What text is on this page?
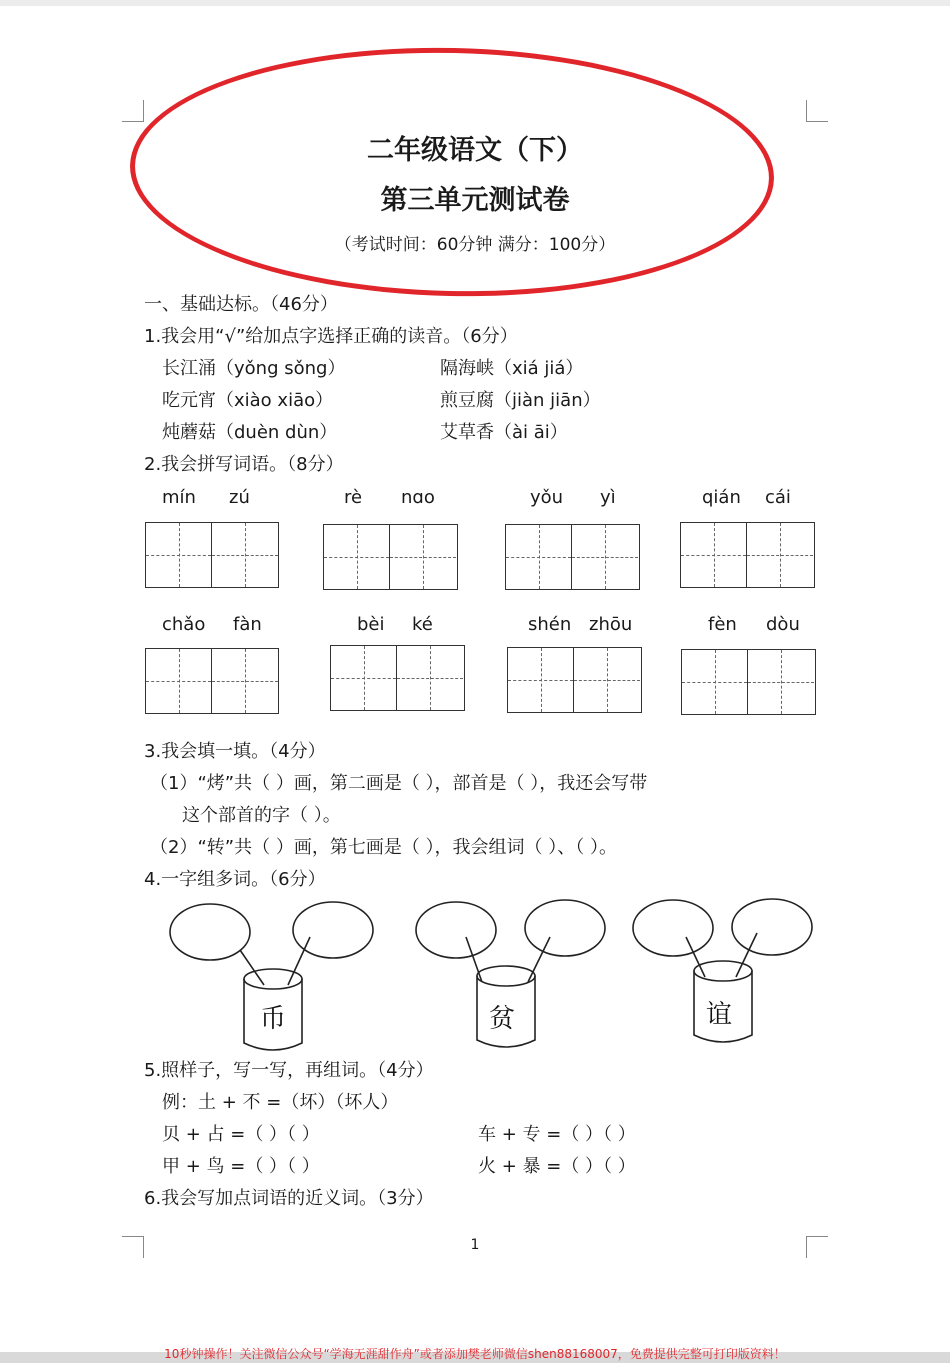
二年级语文（下）
第三单元测试卷
（考试时间：60分钟 满分：100分）
一、基础达标。（46分）
1.我会用“√”给加点字选择正确的读音。（6分）
长江涌（yǒng sǒng）	隔海峡（xiá jiá）
吃元宵（xiào xiāo）	煎豆腐（jiàn jiān）
炖蘑菇（duèn dùn）	艾草香（ài āi）
2.我会拼写词语。（8分）
mín zú	rè nɑo	yǒu yì	qián cái
chǎo fàn	bèi ké	shén zhōu	fèn dòu
3.我会填一填。（4分）
（1）“烤”共（ ）画，第二画是（ ），部首是（ ），我还会写带
这个部首的字（ ）。
（2）“转”共（ ）画，第七画是（ ），我会组词（ ）、（ ）。
4.一字组多词。（6分）
币	贫	谊
5.照样子，写一写，再组词。（4分）
例：土 + 不 =（坏）（坏人）
贝 + 占 =（ ）（ ）	车 + 专 =（ ）（ ）
甲 + 鸟 =（ ）（ ）	火 + 暴 =（ ）（ ）
6.我会写加点词语的近义词。（3分）
1
10秒钟操作！关注微信公众号“学海无涯甜作舟”或者添加樊老师微信shen88168007，免费提供完整可打印版资料！
